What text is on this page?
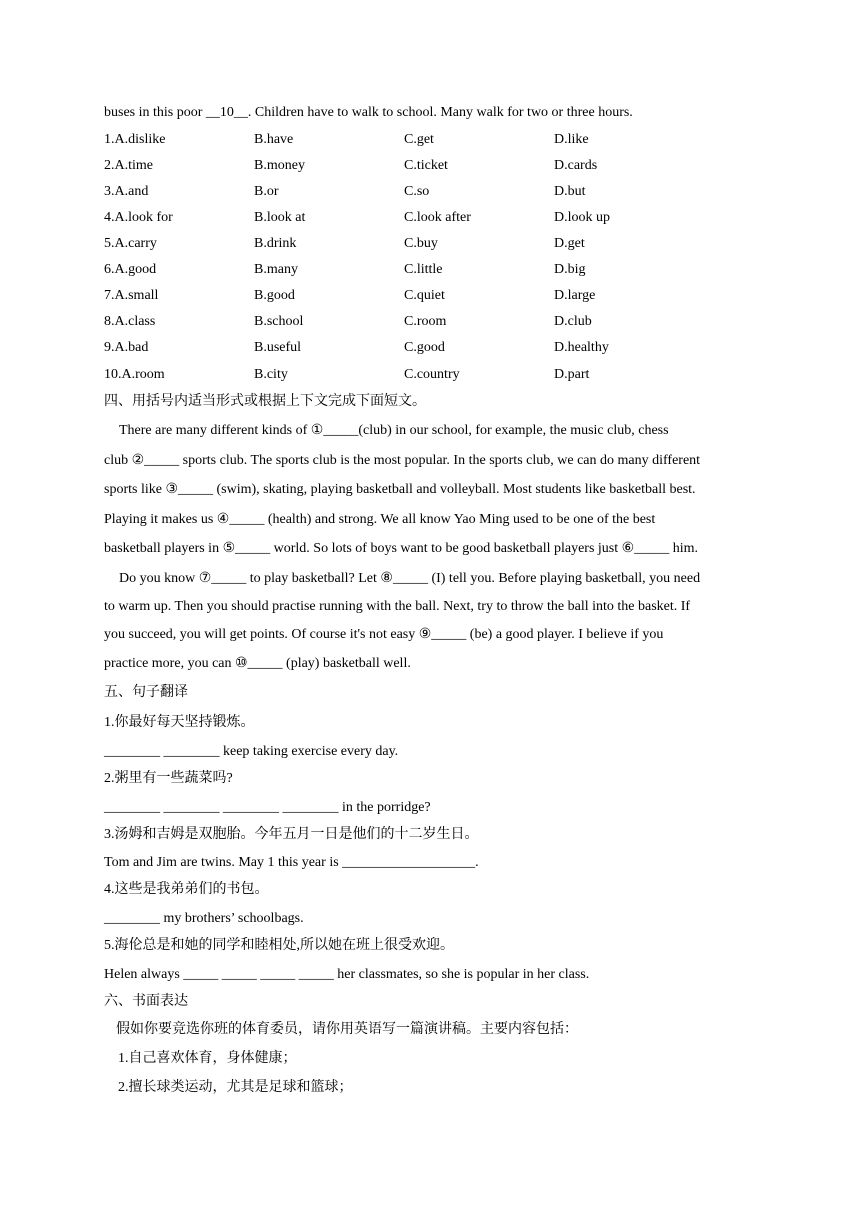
buses in this poor __10__. Children have to walk to school. Many walk for two or three hours.
1.A.dislike	B.have	C.get	D.like
2.A.time	B.money	C.ticket	D.cards
3.A.and	B.or	C.so	D.but
4.A.look for	B.look at	C.look after	D.look up
5.A.carry	B.drink	C.buy	D.get
6.A.good	B.many	C.little	D.big
7.A.small	B.good	C.quiet	D.large
8.A.class	B.school	C.room	D.club
9.A.bad	B.useful	C.good	D.healthy
10.A.room	B.city	C.country	D.part
四、用括号内适当形式或根据上下文完成下面短文。
There are many different kinds of ①_____(club) in our school, for example, the music club, chess
club ②_____ sports club. The sports club is the most popular. In the sports club, we can do many different
sports like ③_____ (swim), skating, playing basketball and volleyball. Most students like basketball best.
Playing it makes us ④_____ (health) and strong. We all know Yao Ming used to be one of the best
basketball players in ⑤_____ world. So lots of boys want to be good basketball players just ⑥_____ him.
Do you know ⑦_____ to play basketball? Let ⑧_____ (I) tell you. Before playing basketball, you need
to warm up. Then you should practise running with the ball. Next, try to throw the ball into the basket. If
you succeed, you will get points. Of course it's not easy ⑨_____ (be) a good player. I believe if you
practice more, you can ⑩_____ (play) basketball well.
五、句子翻译
1.你最好每天坚持锻炼。
________ ________ keep taking exercise every day.
2.粥里有一些蔬菜吗?
________ ________ ________ ________ in the porridge?
3.汤姆和吉姆是双胞胎。今年五月一日是他们的十二岁生日。
Tom and Jim are twins. May 1 this year is ___________________.
4.这些是我弟弟们的书包。
________ my brothers’ schoolbags.
5.海伦总是和她的同学和睦相处,所以她在班上很受欢迎。
Helen always _____ _____ _____ _____ her classmates, so she is popular in her class.
六、书面表达
假如你要竞选你班的体育委员，请你用英语写一篇演讲稿。主要内容包括：
1.自己喜欢体育，身体健康；
2.擅长球类运动，尤其是足球和篮球；
